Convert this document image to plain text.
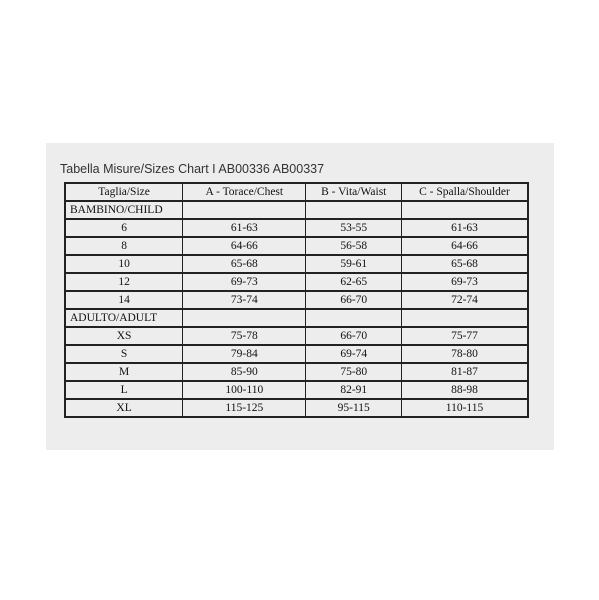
Tabella Misure/Sizes Chart I AB00336 AB00337
Taglia/Size	A - Torace/Chest	B - Vita/Waist	C - Spalla/Shoulder
BAMBINO/CHILD			
6	61-63	53-55	61-63
8	64-66	56-58	64-66
10	65-68	59-61	65-68
12	69-73	62-65	69-73
14	73-74	66-70	72-74
ADULTO/ADULT			
XS	75-78	66-70	75-77
S	79-84	69-74	78-80
M	85-90	75-80	81-87
L	100-110	82-91	88-98
XL	115-125	95-115	110-115
